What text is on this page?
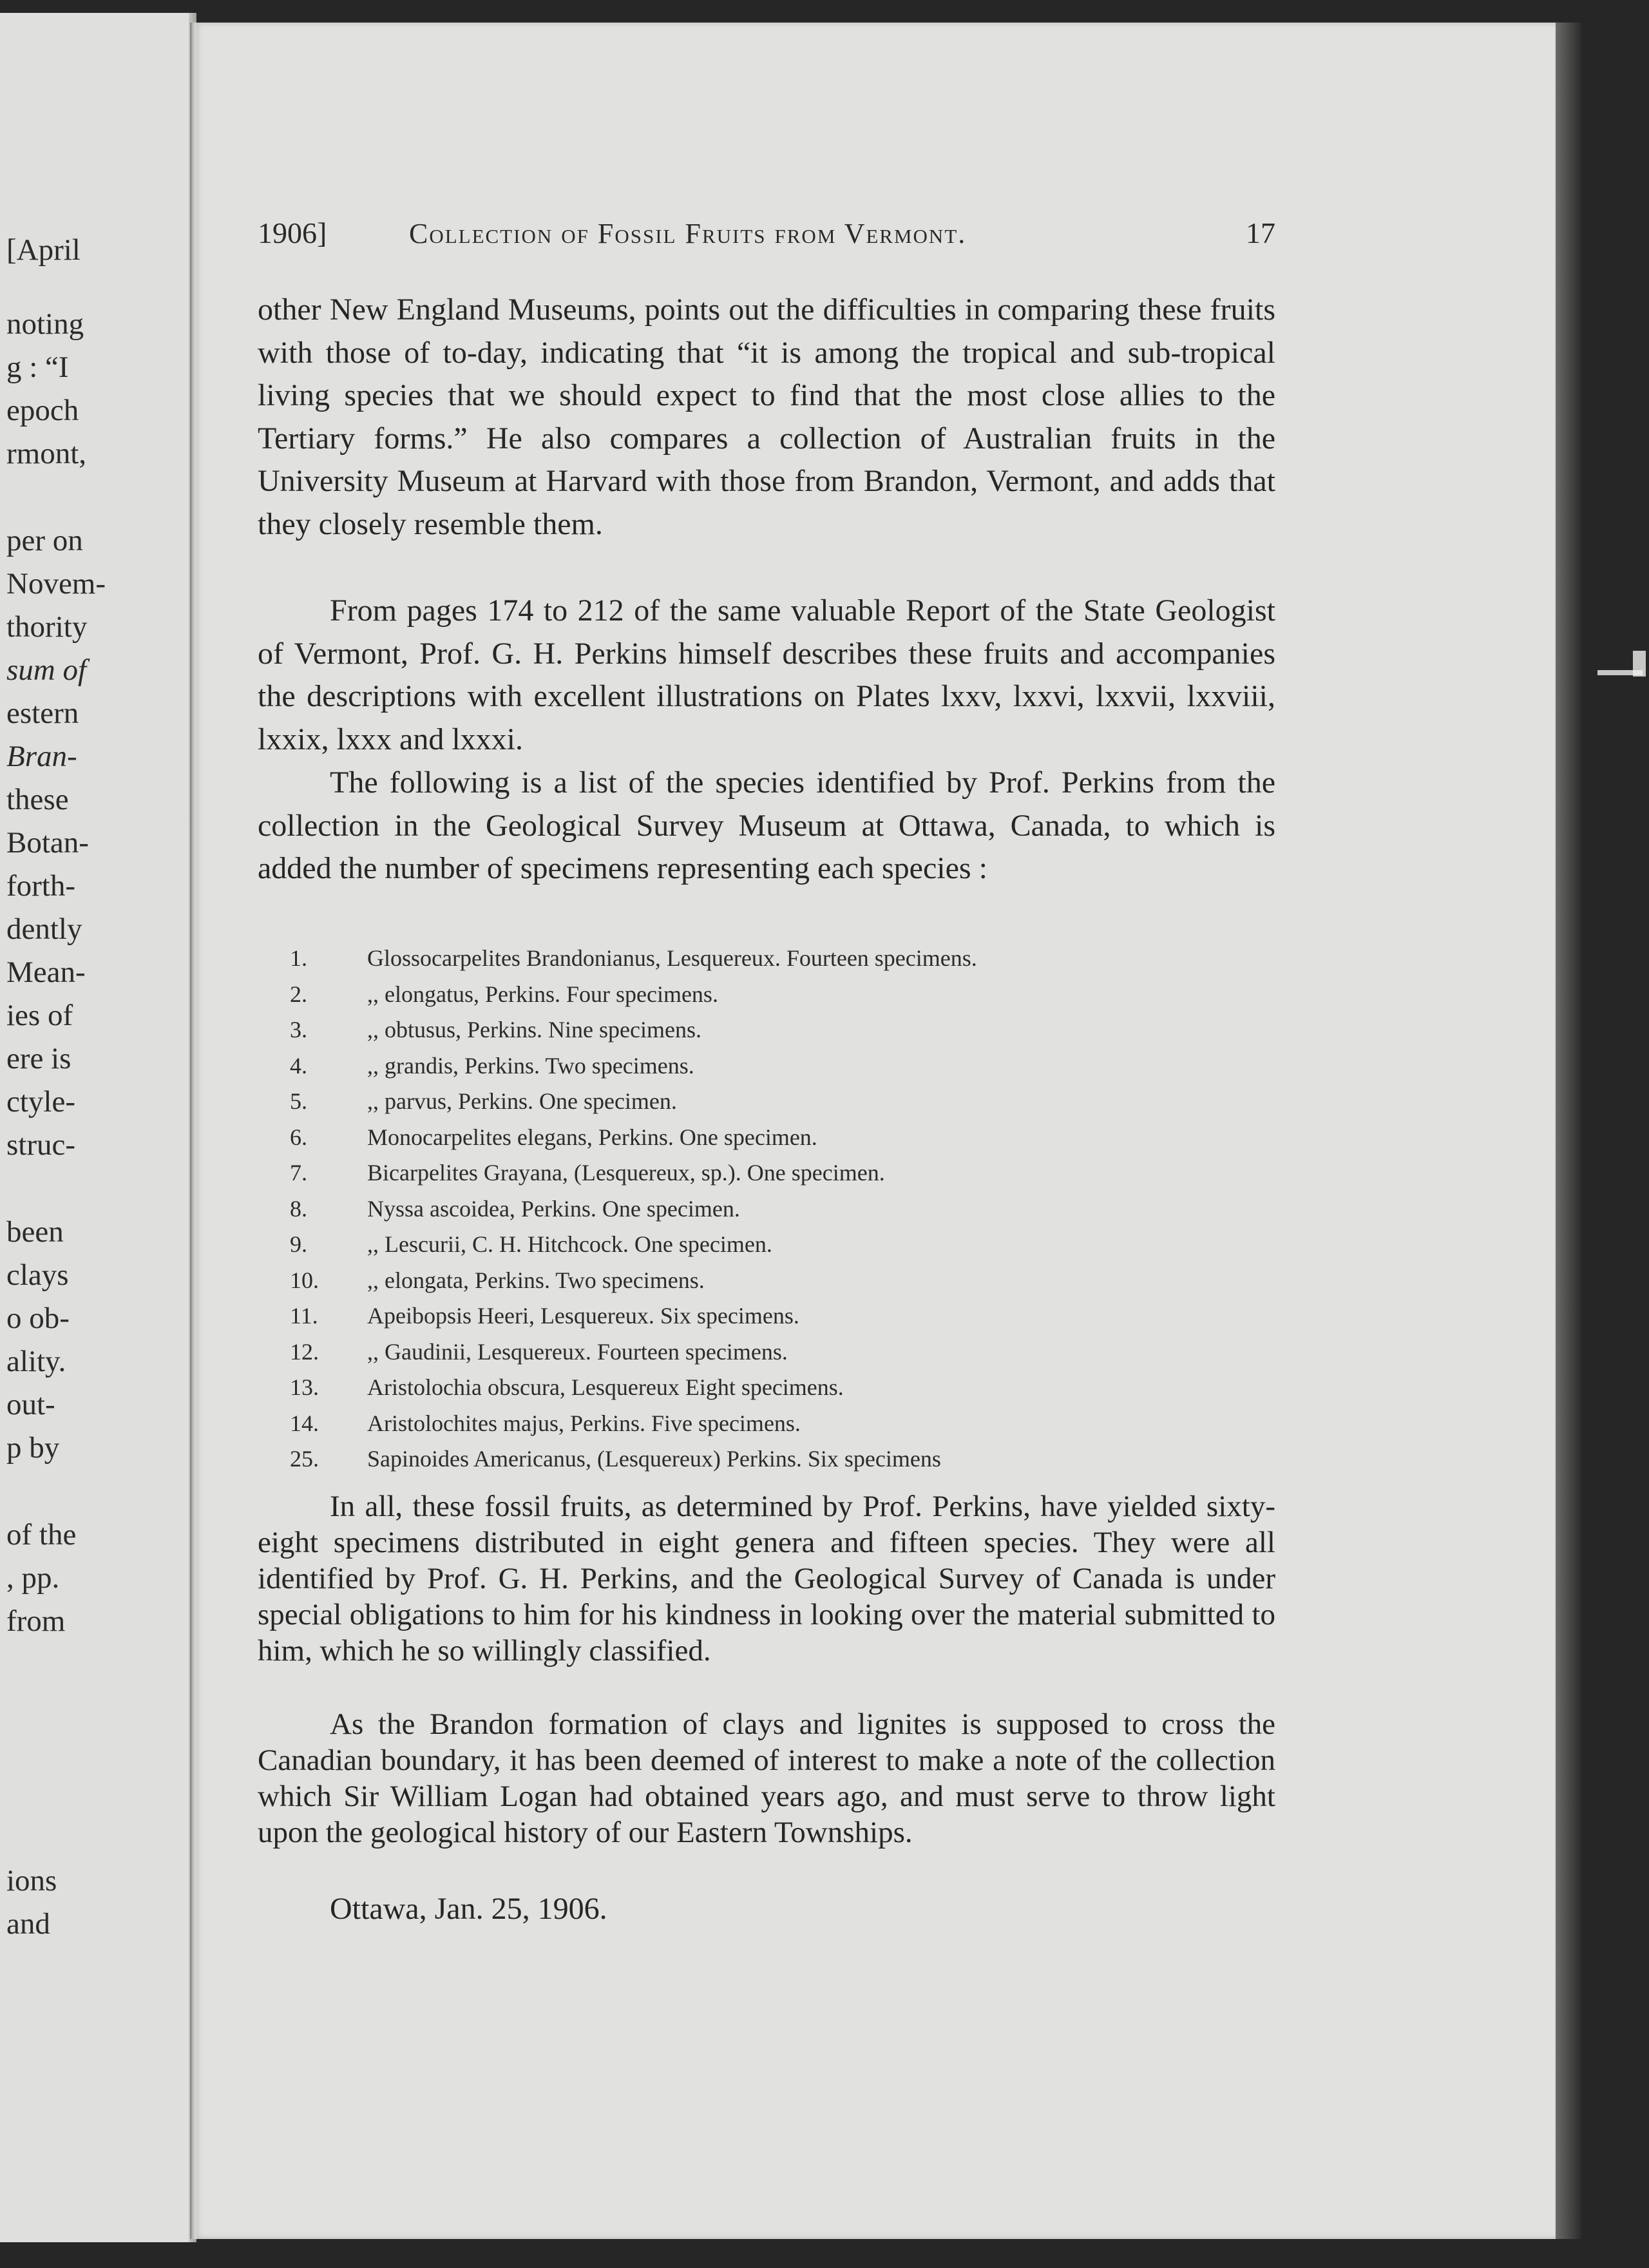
[April
noting
g : “I
epoch
rmont,
per on
Novem-
thority
sum of
estern
Bran-
these
Botan-
forth-
dently
Mean-
ies of
ere is
ctyle-
struc-
been
clays
o ob-
ality.
out-
p by
of the
, pp.
from
ions
and
1906]	Collection of Fossil Fruits from Vermont.	17

other New England Museums, points out the difficulties in comparing these fruits with those of to-day, indicating that “it is among the tropical and sub-tropical living species that we should expect to find that the most close allies to the Tertiary forms.” He also compares a collection of Australian fruits in the University Museum at Harvard with those from Brandon, Vermont, and adds that they closely resemble them.

From pages 174 to 212 of the same valuable Report of the State Geologist of Vermont, Prof. G. H. Perkins himself describes these fruits and accompanies the descriptions with excellent illustrations on Plates lxxv, lxxvi, lxxvii, lxxviii, lxxix, lxxx and lxxxi.

The following is a list of the species identified by Prof. Perkins from the collection in the Geological Survey Museum at Ottawa, Canada, to which is added the number of specimens representing each species :

1.	Glossocarpelites Brandonianus, Lesquereux. Fourteen specimens.
2.	,, elongatus, Perkins. Four specimens.
3.	,, obtusus, Perkins. Nine specimens.
4.	,, grandis, Perkins. Two specimens.
5.	,, parvus, Perkins. One specimen.
6.	Monocarpelites elegans, Perkins. One specimen.
7.	Bicarpelites Grayana, (Lesquereux, sp.). One specimen.
8.	Nyssa ascoidea, Perkins. One specimen.
9.	,, Lescurii, C. H. Hitchcock. One specimen.
10.	,, elongata, Perkins. Two specimens.
11.	Apeibopsis Heeri, Lesquereux. Six specimens.
12.	,, Gaudinii, Lesquereux. Fourteen specimens.
13.	Aristolochia obscura, Lesquereux Eight specimens.
14.	Aristolochites majus, Perkins. Five specimens.
25.	Sapinoides Americanus, (Lesquereux) Perkins. Six specimens

In all, these fossil fruits, as determined by Prof. Perkins, have yielded sixty-eight specimens distributed in eight genera and fifteen species. They were all identified by Prof. G. H. Perkins, and the Geological Survey of Canada is under special obligations to him for his kindness in looking over the material submitted to him, which he so willingly classified.

As the Brandon formation of clays and lignites is supposed to cross the Canadian boundary, it has been deemed of interest to make a note of the collection which Sir William Logan had obtained years ago, and must serve to throw light upon the geological history of our Eastern Townships.

Ottawa, Jan. 25, 1906.
